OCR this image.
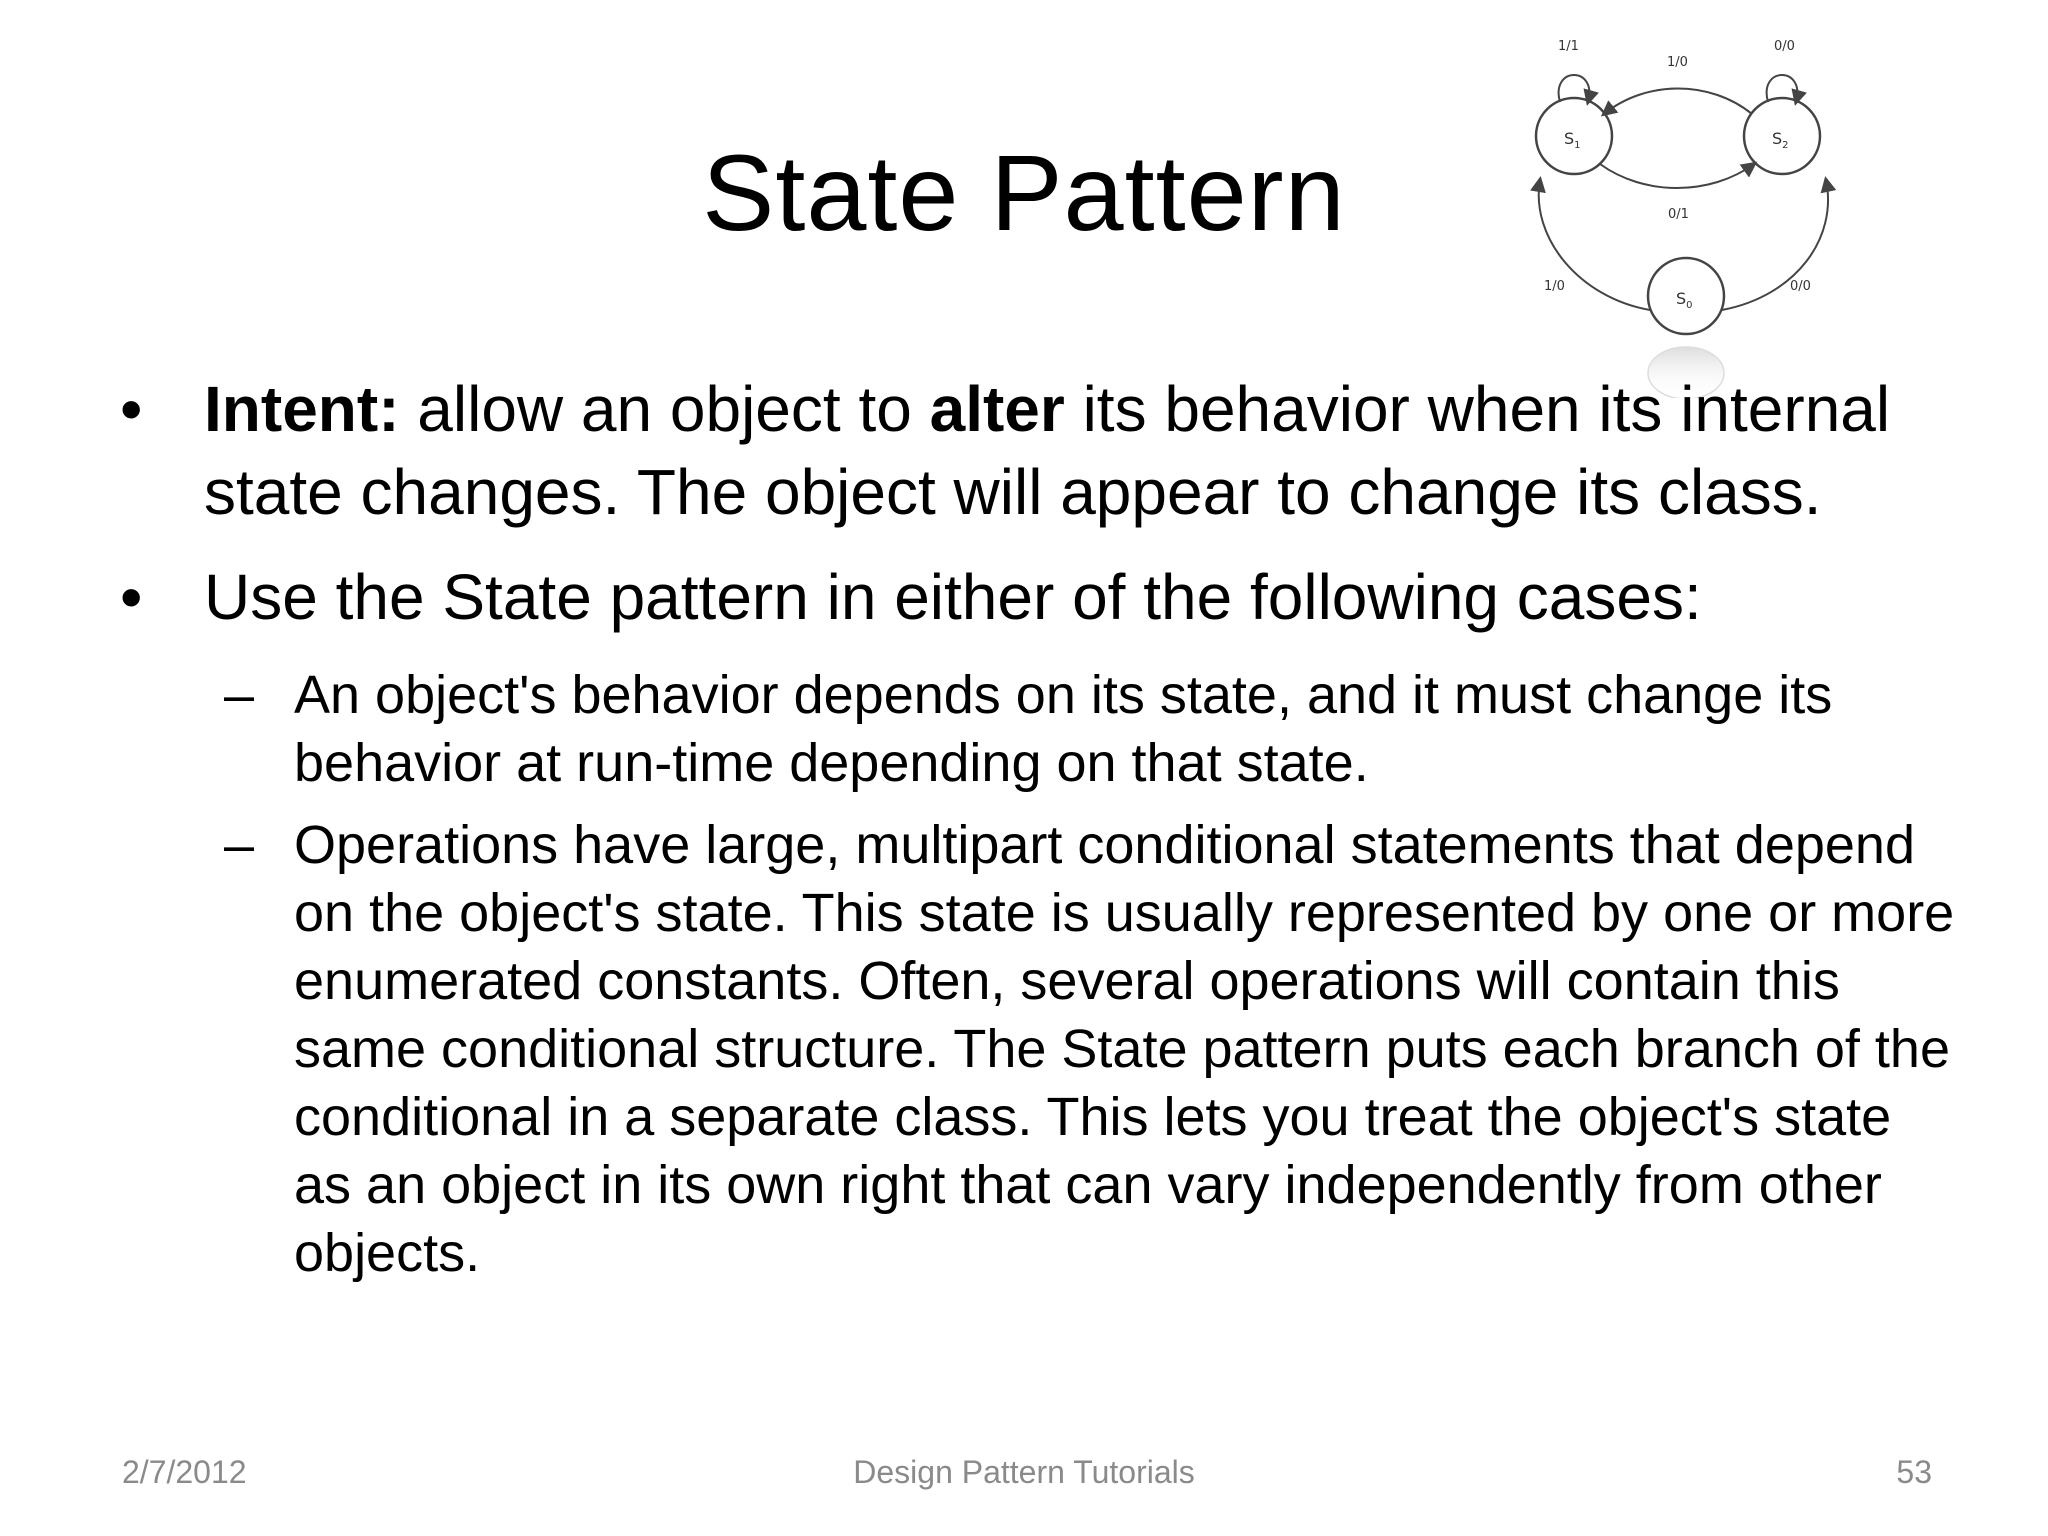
State Pattern	$S_1$	$S_2$
$S_0$
1/1
1/0
0/0
0/1
1/0	0/0
• Intent: allow an object to alter its behavior when its internal state changes. The object will appear to change its class.
• Use the State pattern in either of the following cases:
– An object's behavior depends on its state, and it must change its behavior at run-time depending on that state.
– Operations have large, multipart conditional statements that depend on the object's state. This state is usually represented by one or more enumerated constants. Often, several operations will contain this same conditional structure. The State pattern puts each branch of the conditional in a separate class. This lets you treat the object's state as an object in its own right that can vary independently from other objects.
2/7/2012	Design Pattern Tutorials	53
